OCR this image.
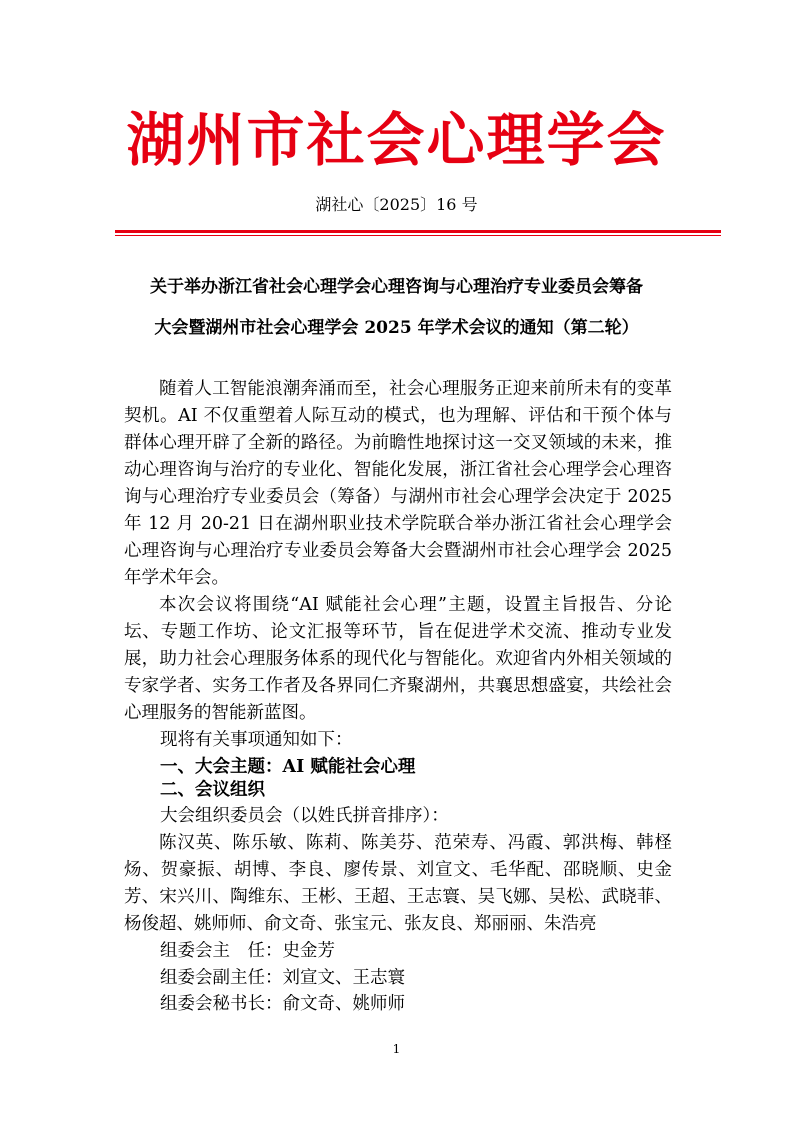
湖州市社会心理学会
湖社心〔2025〕16 号
关于举办浙江省社会心理学会心理咨询与心理治疗专业委员会筹备
大会暨湖州市社会心理学会 2025 年学术会议的通知（第二轮）

随着人工智能浪潮奔涌而至，社会心理服务正迎来前所未有的变革契机。AI 不仅重塑着人际互动的模式，也为理解、评估和干预个体与群体心理开辟了全新的路径。为前瞻性地探讨这一交叉领域的未来，推动心理咨询与治疗的专业化、智能化发展，浙江省社会心理学会心理咨询与心理治疗专业委员会（筹备）与湖州市社会心理学会决定于 2025 年 12 月 20-21 日在湖州职业技术学院联合举办浙江省社会心理学会心理咨询与心理治疗专业委员会筹备大会暨湖州市社会心理学会 2025 年学术年会。

本次会议将围绕“AI 赋能社会心理”主题，设置主旨报告、分论坛、专题工作坊、论文汇报等环节，旨在促进学术交流、推动专业发展，助力社会心理服务体系的现代化与智能化。欢迎省内外相关领域的专家学者、实务工作者及各界同仁齐聚湖州，共襄思想盛宴，共绘社会心理服务的智能新蓝图。

现将有关事项通知如下：
一、大会主题：AI 赋能社会心理
二、会议组织
大会组织委员会（以姓氏拼音排序）：

陈汉英、陈乐敏、陈莉、陈美芬、范荣寿、冯霞、郭洪梅、韩柽炀、贺豪振、胡博、李良、廖传景、刘宣文、毛华配、邵晓顺、史金芳、宋兴川、陶维东、王彬、王超、王志寰、吴飞娜、吴松、武晓菲、杨俊超、姚师师、俞文奇、张宝元、张友良、郑丽丽、朱浩亮

组委会主　任：史金芳
组委会副主任：刘宣文、王志寰
组委会秘书长：俞文奇、姚师师
1
